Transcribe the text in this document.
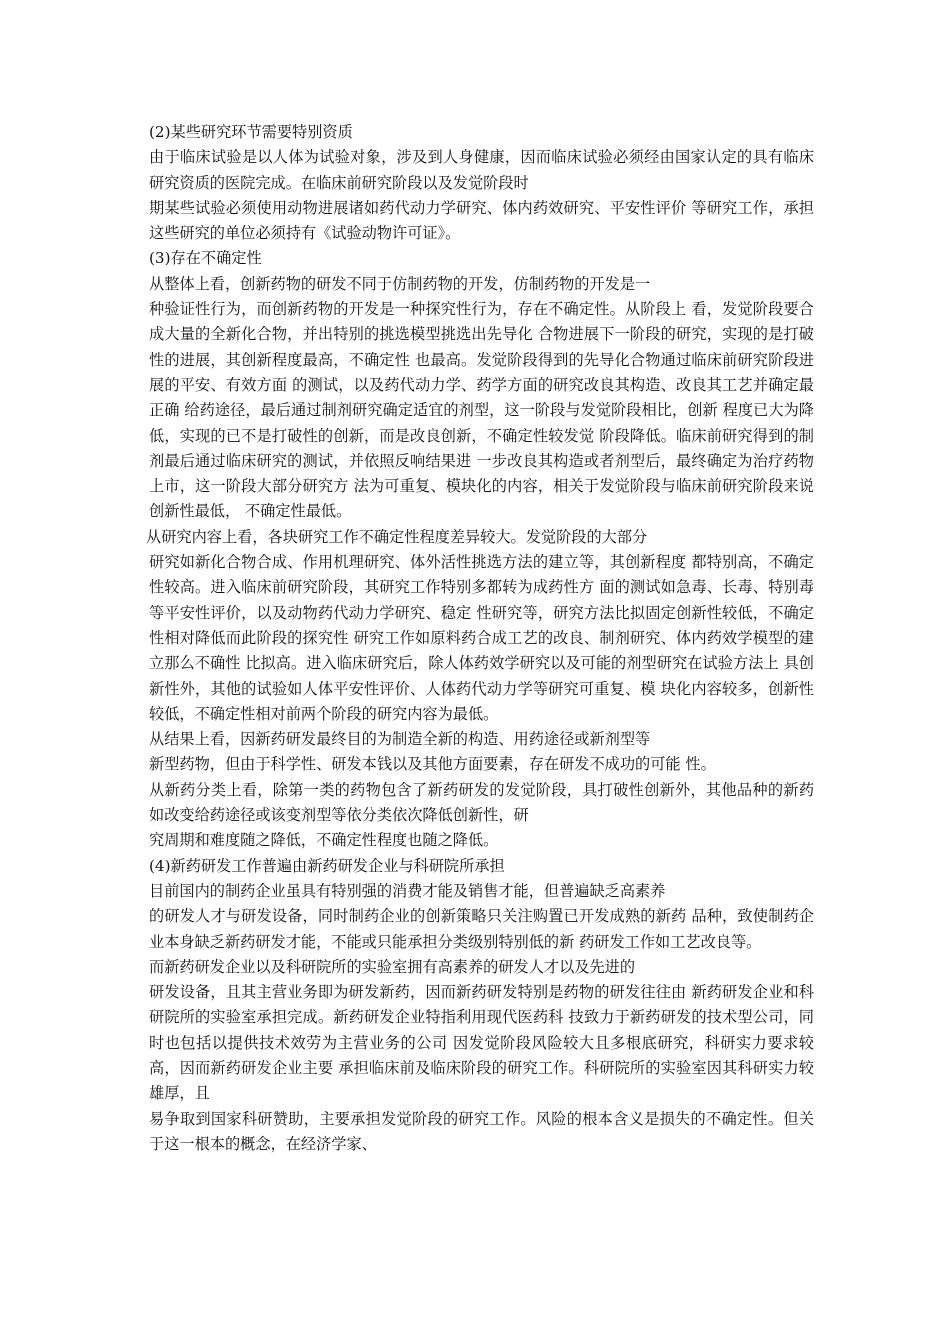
(2)某些研究环节需要特别资质

由于临床试验是以人体为试验对象，涉及到人身健康，因而临床试验必须经由国家认定的具有临床研究资质的医院完成。在临床前研究阶段以及发觉阶段时

期某些试验必须使用动物进展诸如药代动力学研究、体内药效研究、平安性评价 等研究工作，承担这些研究的单位必须持有《试验动物许可证》。

(3)存在不确定性

从整体上看，创新药物的研发不同于仿制药物的开发，仿制药物的开发是一

种验证性行为，而创新药物的开发是一种探究性行为，存在不确定性。从阶段上 看，发觉阶段要合成大量的全新化合物，并出特别的挑选模型挑选出先导化 合物进展下一阶段的研究，实现的是打破性的进展，其创新程度最高，不确定性 也最高。发觉阶段得到的先导化合物通过临床前研究阶段进展的平安、有效方面 的测试，以及药代动力学、药学方面的研究改良其构造、改良其工艺并确定最正确 给药途径，最后通过制剂研究确定适宜的剂型，这一阶段与发觉阶段相比，创新 程度已大为降低，实现的已不是打破性的创新，而是改良创新，不确定性较发觉 阶段降低。临床前研究得到的制剂最后通过临床研究的测试，并依照反响结果进 一步改良其构造或者剂型后，最终确定为治疗药物上市，这一阶段大部分研究方 法为可重复、模块化的内容，相关于发觉阶段与临床前研究阶段来说创新性最低， 不确定性最低。

从研究内容上看，各块研究工作不确定性程度差异较大。发觉阶段的大部分

研究如新化合物合成、作用机理研究、体外活性挑选方法的建立等，其创新程度 都特别高，不确定性较高。进入临床前研究阶段，其研究工作特别多都转为成药性方 面的测试如急毒、长毒、特别毒等平安性评价，以及动物药代动力学研究、稳定 性研究等，研究方法比拟固定创新性较低，不确定性相对降低而此阶段的探究性 研究工作如原料药合成工艺的改良、制剂研究、体内药效学模型的建立那么不确性 比拟高。进入临床研究后，除人体药效学研究以及可能的剂型研究在试验方法上 具创新性外，其他的试验如人体平安性评价、人体药代动力学等研究可重复、模 块化内容较多，创新性较低，不确定性相对前两个阶段的研究内容为最低。

从结果上看，因新药研发最终目的为制造全新的构造、用药途径或新剂型等

新型药物，但由于科学性、研发本钱以及其他方面要素，存在研发不成功的可能 性。

从新药分类上看，除第一类的药物包含了新药研发的发觉阶段，具打破性创新外，其他品种的新药如改变给药途径或该变剂型等依分类依次降低创新性，研

究周期和难度随之降低，不确定性程度也随之降低。

(4)新药研发工作普遍由新药研发企业与科研院所承担

目前国内的制药企业虽具有特别强的消费才能及销售才能，但普遍缺乏高素养

的研发人才与研发设备，同时制药企业的创新策略只关注购置已开发成熟的新药 品种，致使制药企业本身缺乏新药研发才能，不能或只能承担分类级别特别低的新 药研发工作如工艺改良等。

而新药研发企业以及科研院所的实验室拥有高素养的研发人才以及先进的

研发设备，且其主营业务即为研发新药，因而新药研发特别是药物的研发往往由 新药研发企业和科研院所的实验室承担完成。新药研发企业特指利用现代医药科 技致力于新药研发的技术型公司，同时也包括以提供技术效劳为主营业务的公司 因发觉阶段风险较大且多根底研究，科研实力要求较高，因而新药研发企业主要 承担临床前及临床阶段的研究工作。科研院所的实验室因其科研实力较雄厚，且

易争取到国家科研赞助，主要承担发觉阶段的研究工作。风险的根本含义是损失的不确定性。但关于这一根本的概念，在经济学家、
